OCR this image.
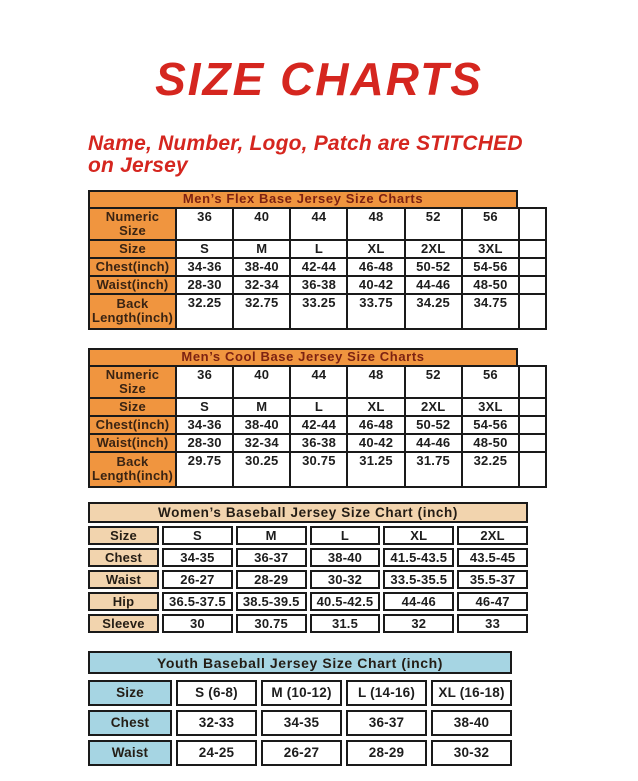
SIZE CHARTS
Name, Number, Logo, Patch are STITCHED
on Jersey
Men’s Flex Base Jersey Size Charts
Numeric Size	36	40	44	48	52	56	
Size	S	M	L	XL	2XL	3XL	
Chest(inch)	34-36	38-40	42-44	46-48	50-52	54-56	
Waist(inch)	28-30	32-34	36-38	40-42	44-46	48-50	
Back Length(inch)	32.25	32.75	33.25	33.75	34.25	34.75	
Men’s Cool Base Jersey Size Charts
Numeric Size	36	40	44	48	52	56	
Size	S	M	L	XL	2XL	3XL	
Chest(inch)	34-36	38-40	42-44	46-48	50-52	54-56	
Waist(inch)	28-30	32-34	36-38	40-42	44-46	48-50	
Back Length(inch)	29.75	30.25	30.75	31.25	31.75	32.25	
Women’s Baseball Jersey Size Chart (inch)
Size	S	M	L	XL	2XL
Chest	34-35	36-37	38-40	41.5-43.5	43.5-45
Waist	26-27	28-29	30-32	33.5-35.5	35.5-37
Hip	36.5-37.5	38.5-39.5	40.5-42.5	44-46	46-47
Sleeve	30	30.75	31.5	32	33
Youth Baseball Jersey Size Chart (inch)
Size	S (6-8)	M (10-12)	L (14-16)	XL (16-18)
Chest	32-33	34-35	36-37	38-40
Waist	24-25	26-27	28-29	30-32
